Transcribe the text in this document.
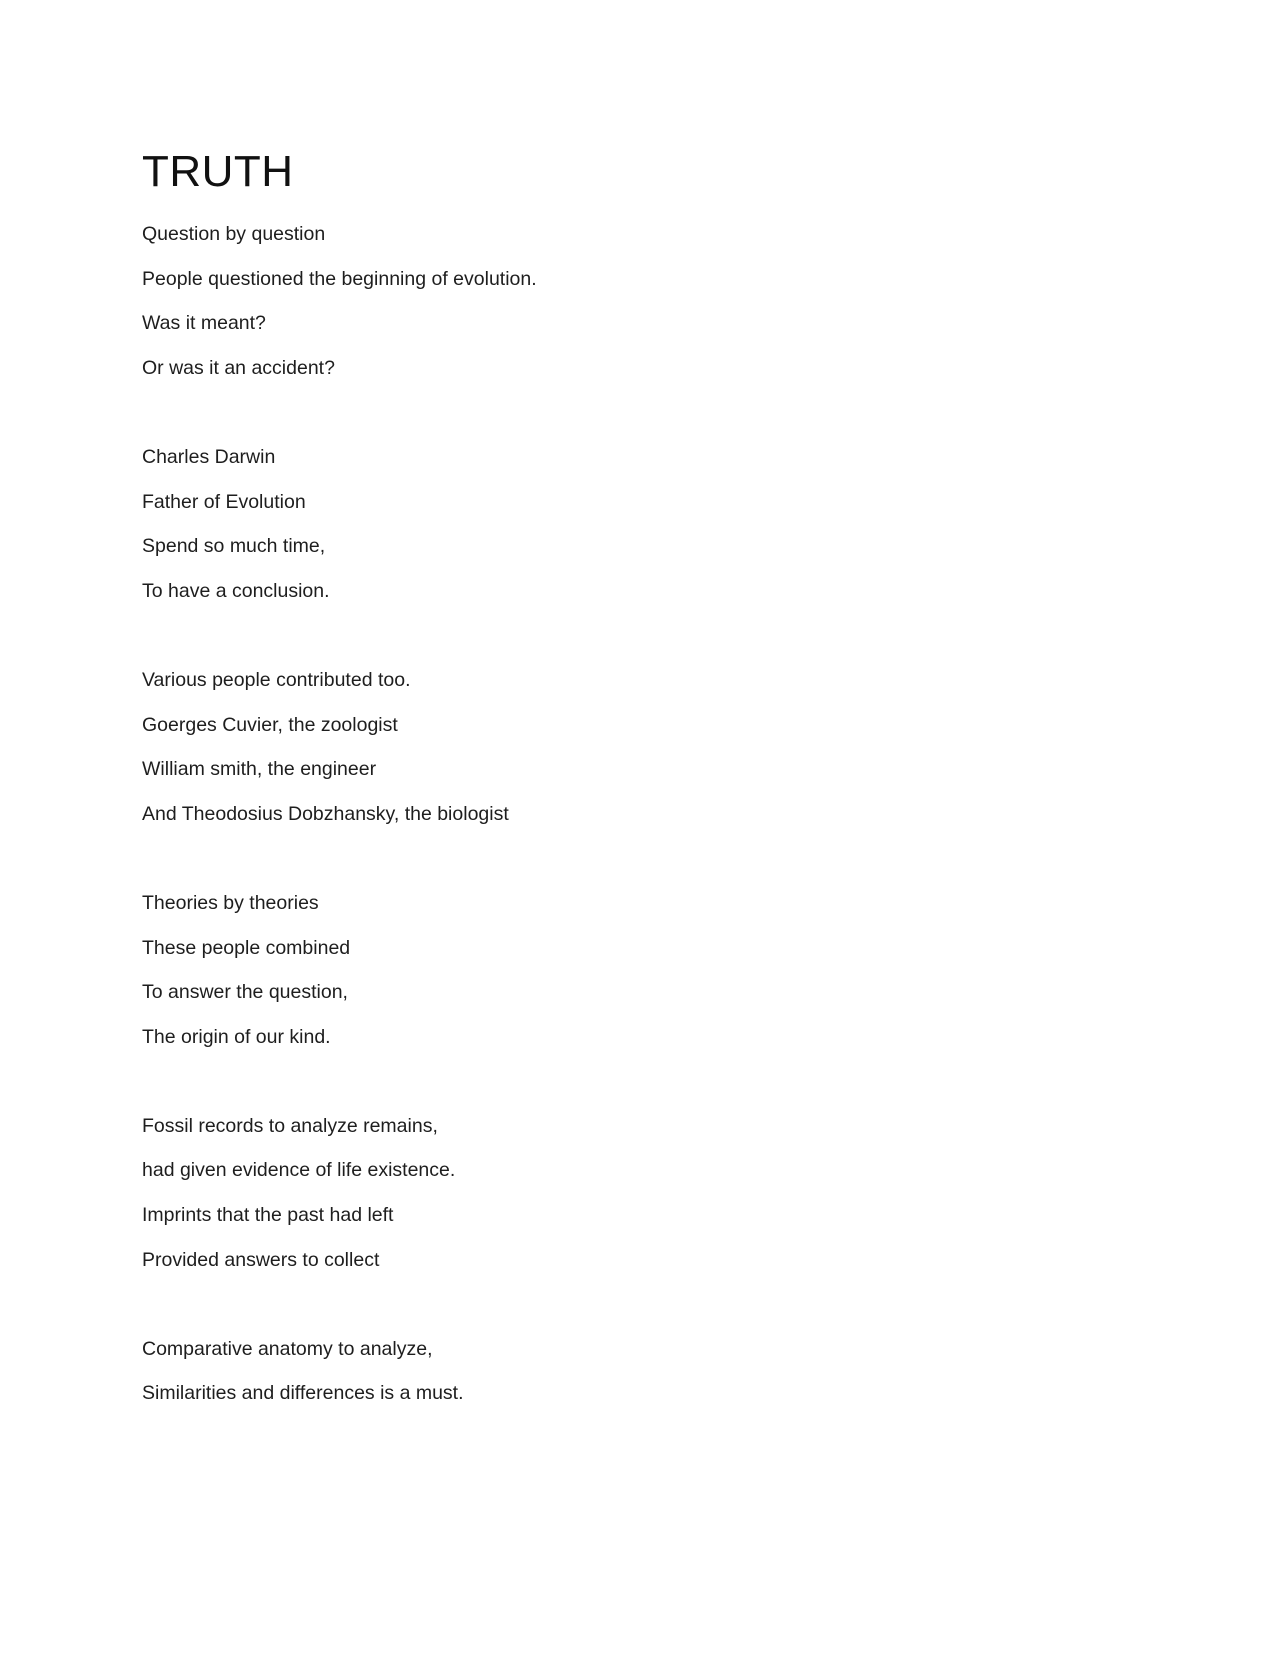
TRUTH
Question by question
People questioned the beginning of evolution.
Was it meant?
Or was it an accident?
Charles Darwin
Father of Evolution
Spend so much time,
To have a conclusion.
Various people contributed too.
Goerges Cuvier, the zoologist
William smith, the engineer
And Theodosius Dobzhansky, the biologist
Theories by theories
These people combined
To answer the question,
The origin of our kind.
Fossil records to analyze remains,
had given evidence of life existence.
Imprints that the past had left
Provided answers to collect
Comparative anatomy to analyze,
Similarities and differences is a must.
